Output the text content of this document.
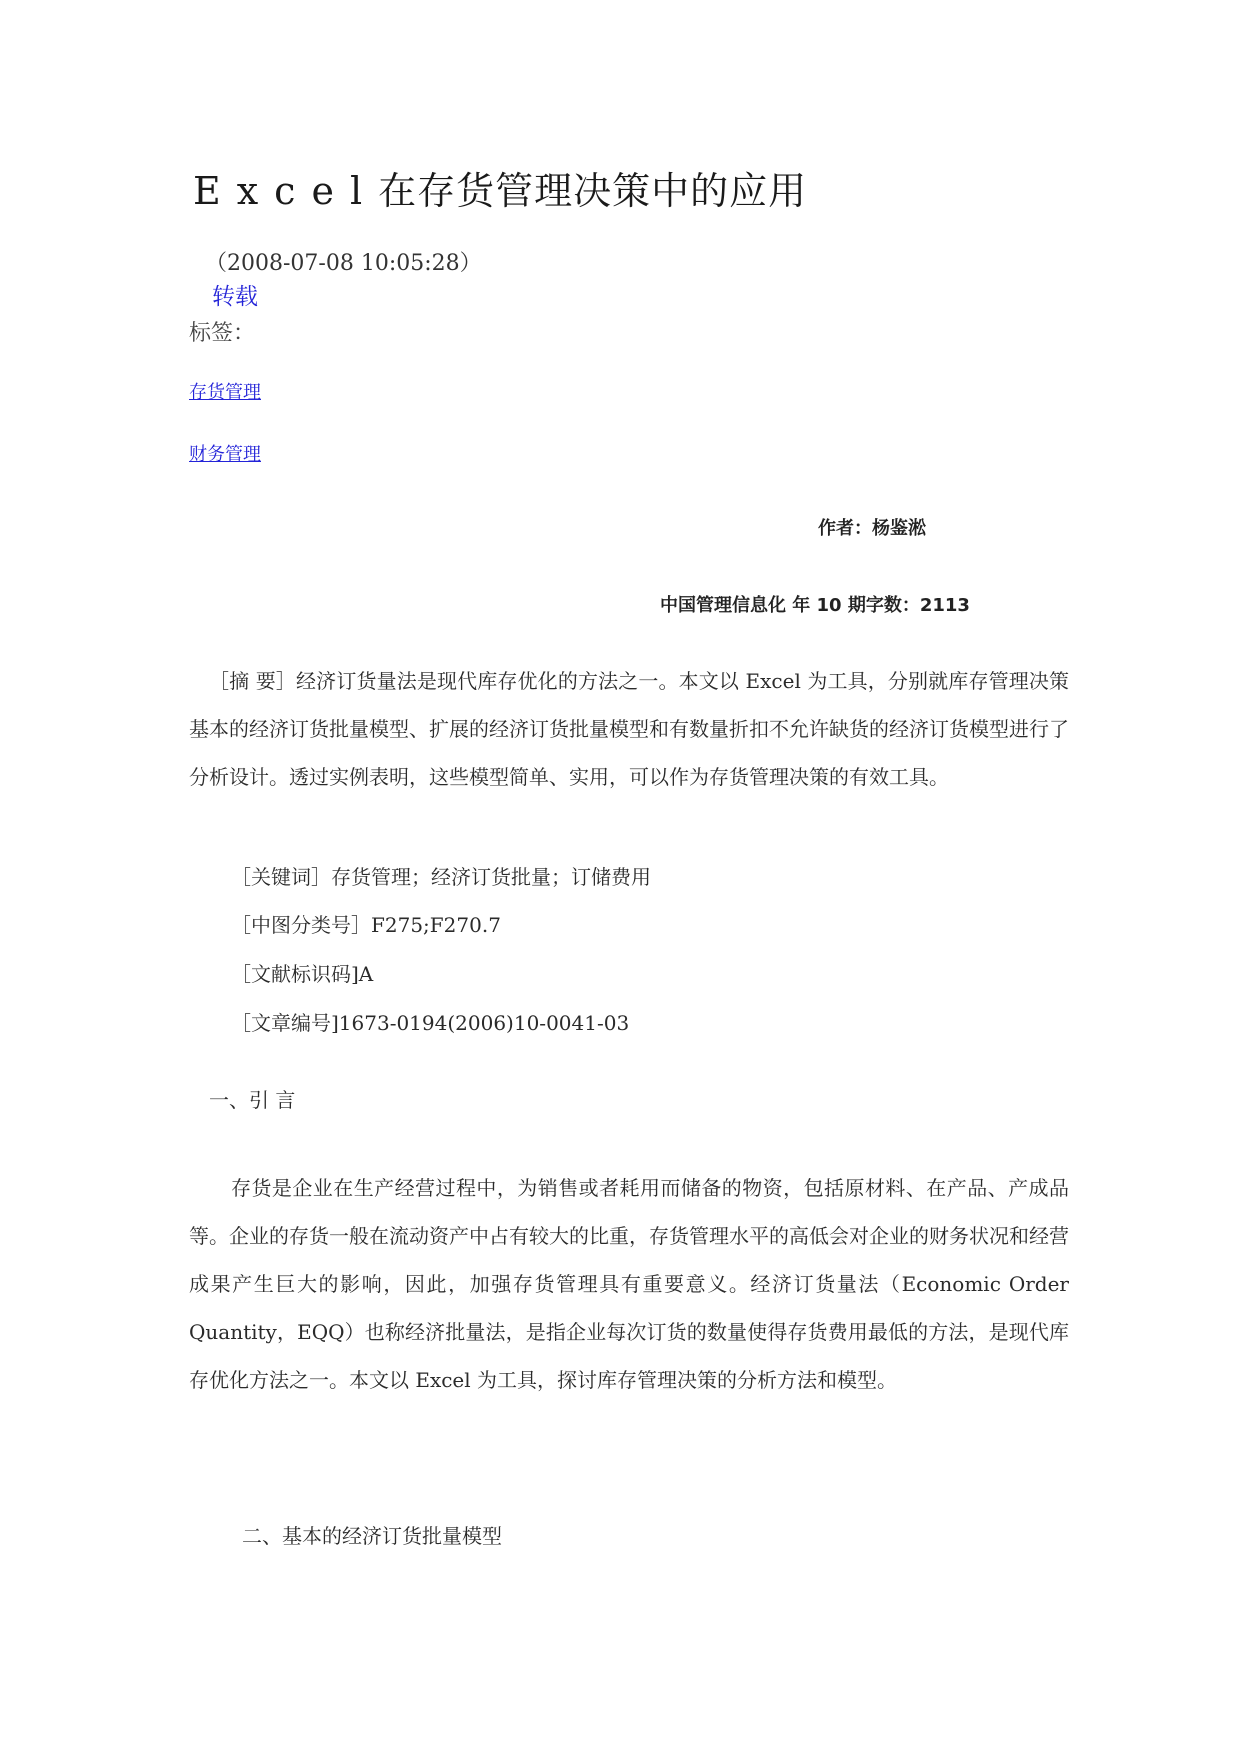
Excel在存货管理决策中的应用
（2008-07-08 10:05:28）
转载
标签：
存货管理
财务管理
作者：杨鉴淞
中国管理信息化 年 10 期字数：2113

［摘 要］经济订货量法是现代库存优化的方法之一。本文以 Excel 为工具，分别就库存管理决策基本的经济订货批量模型、扩展的经济订货批量模型和有数量折扣不允许缺货的经济订货模型进行了分析设计。透过实例表明，这些模型简单、实用，可以作为存货管理决策的有效工具。

［关键词］存货管理；经济订货批量；订储费用
［中图分类号］F275;F270.7
［文献标识码]A
［文章编号]1673-0194(2006)10-0041-03
一、引 言

存货是企业在生产经营过程中，为销售或者耗用而储备的物资，包括原材料、在产品、产成品等。企业的存货一般在流动资产中占有较大的比重，存货管理水平的高低会对企业的财务状况和经营成果产生巨大的影响，因此，加强存货管理具有重要意义。经济订货量法（Economic Order Quantity，EQQ）也称经济批量法，是指企业每次订货的数量使得存货费用最低的方法，是现代库存优化方法之一。本文以 Excel 为工具，探讨库存管理决策的分析方法和模型。

二、基本的经济订货批量模型
